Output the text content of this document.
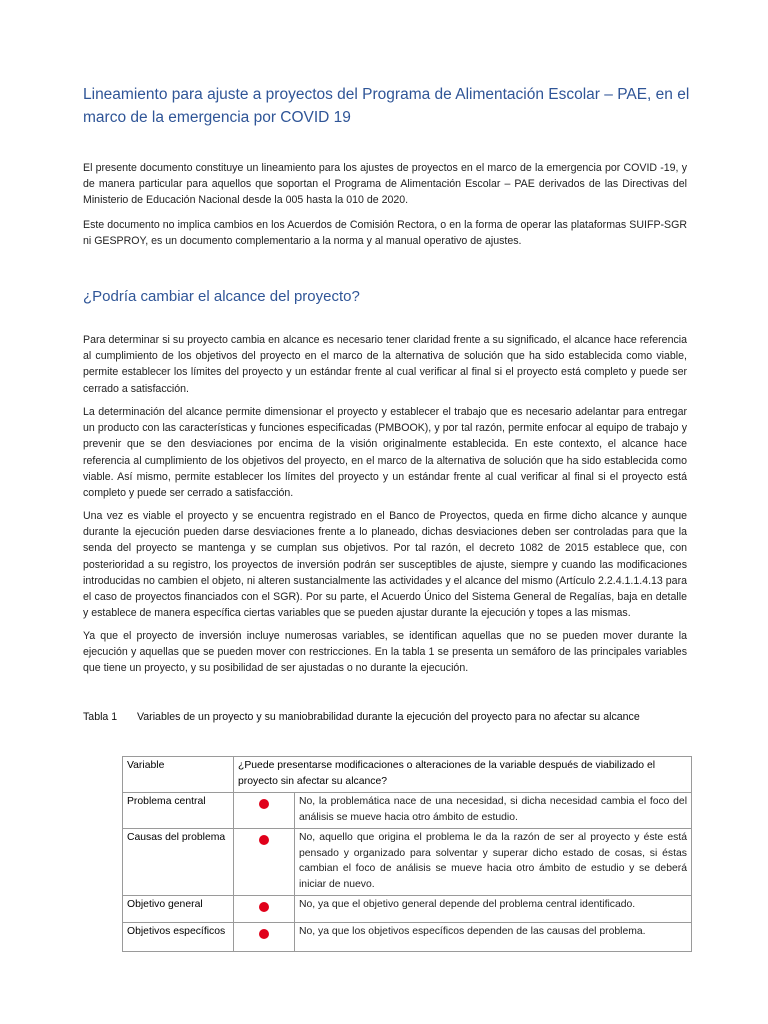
Lineamiento para ajuste a proyectos del Programa de Alimentación Escolar – PAE, en el marco de la emergencia por COVID 19

El presente documento constituye un lineamiento para los ajustes de proyectos en el marco de la emergencia por COVID -19, y de manera particular para aquellos que soportan el Programa de Alimentación Escolar – PAE derivados de las Directivas del Ministerio de Educación Nacional desde la 005 hasta la 010 de 2020.

Este documento no implica cambios en los Acuerdos de Comisión Rectora, o en la forma de operar las plataformas SUIFP-SGR ni GESPROY, es un documento complementario a la norma y al manual operativo de ajustes.

¿Podría cambiar el alcance del proyecto?

Para determinar si su proyecto cambia en alcance es necesario tener claridad frente a su significado, el alcance hace referencia al cumplimiento de los objetivos del proyecto en el marco de la alternativa de solución que ha sido establecida como viable, permite establecer los límites del proyecto y un estándar frente al cual verificar al final si el proyecto está completo y puede ser cerrado a satisfacción.

La determinación del alcance permite dimensionar el proyecto y establecer el trabajo que es necesario adelantar para entregar un producto con las características y funciones especificadas (PMBOOK), y por tal razón, permite enfocar al equipo de trabajo y prevenir que se den desviaciones por encima de la visión originalmente establecida. En este contexto, el alcance hace referencia al cumplimiento de los objetivos del proyecto, en el marco de la alternativa de solución que ha sido establecida como viable. Así mismo, permite establecer los límites del proyecto y un estándar frente al cual verificar al final si el proyecto está completo y puede ser cerrado a satisfacción.

Una vez es viable el proyecto y se encuentra registrado en el Banco de Proyectos, queda en firme dicho alcance y aunque durante la ejecución pueden darse desviaciones frente a lo planeado, dichas desviaciones deben ser controladas para que la senda del proyecto se mantenga y se cumplan sus objetivos. Por tal razón, el decreto 1082 de 2015 establece que, con posterioridad a su registro, los proyectos de inversión podrán ser susceptibles de ajuste, siempre y cuando las modificaciones introducidas no cambien el objeto, ni alteren sustancialmente las actividades y el alcance del mismo (Artículo 2.2.4.1.1.4.13 para el caso de proyectos financiados con el SGR). Por su parte, el Acuerdo Único del Sistema General de Regalías, baja en detalle y establece de manera específica ciertas variables que se pueden ajustar durante la ejecución y topes a las mismas.

Ya que el proyecto de inversión incluye numerosas variables, se identifican aquellas que no se pueden mover durante la ejecución y aquellas que se pueden mover con restricciones. En la tabla 1 se presenta un semáforo de las principales variables que tiene un proyecto, y su posibilidad de ser ajustadas o no durante la ejecución.

Tabla 1 Variables de un proyecto y su maniobrabilidad durante la ejecución del proyecto para no afectar su alcance

Variable	¿Puede presentarse modificaciones o alteraciones de la variable después de viabilizado el proyecto sin afectar su alcance?	
Problema central		No, la problemática nace de una necesidad, si dicha necesidad cambia el foco del análisis se mueve hacia otro ámbito de estudio.
Causas del problema		No, aquello que origina el problema le da la razón de ser al proyecto y éste está pensado y organizado para solventar y superar dicho estado de cosas, si éstas cambian el foco de análisis se mueve hacia otro ámbito de estudio y se deberá iniciar de nuevo.
Objetivo general		No, ya que el objetivo general depende del problema central identificado.
Objetivos específicos		No, ya que los objetivos específicos dependen de las causas del problema.
